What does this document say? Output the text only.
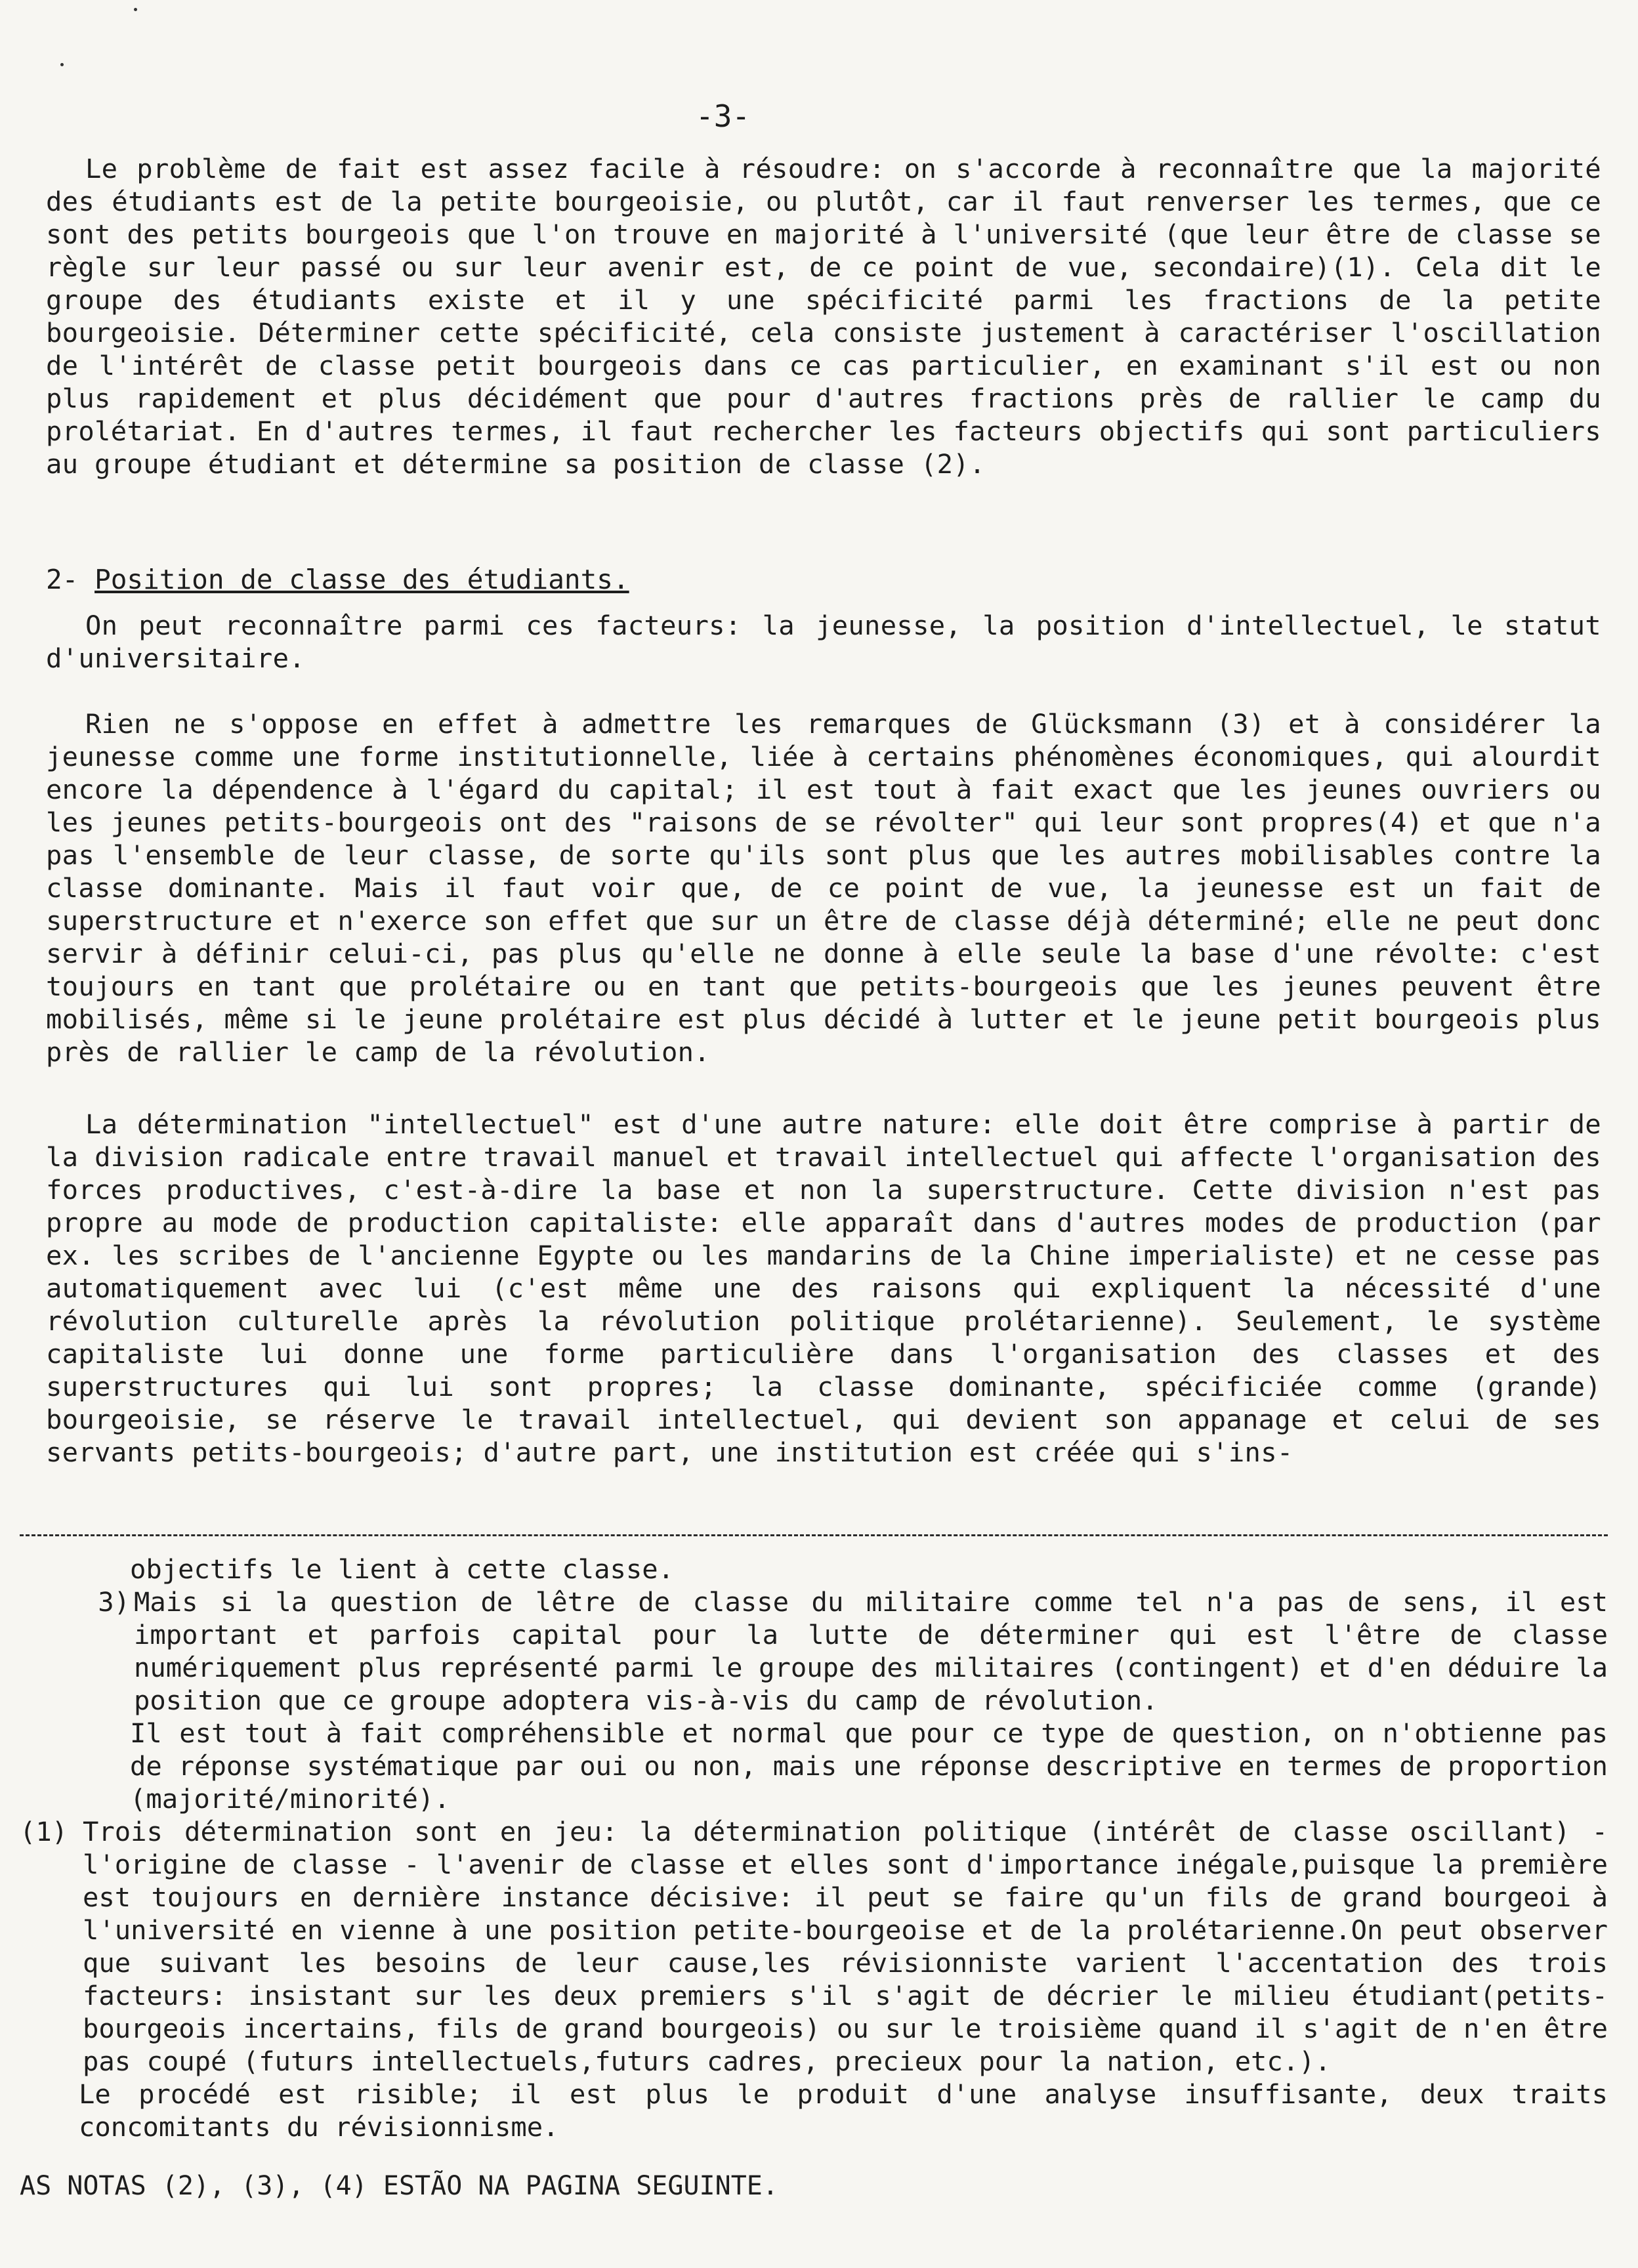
-3-

Le problème de fait est assez facile à résoudre: on s'accorde à reconnaître que la majorité des étudiants est de la petite bourgeoisie, ou plutôt, car il faut renverser les termes, que ce sont des petits bourgeois que l'on trouve en majorité à l'université (que leur être de classe se règle sur leur passé ou sur leur avenir est, de ce point de vue, secondaire)(1). Cela dit le groupe des étudiants existe et il y une spécificité parmi les fractions de la petite bourgeoisie. Déterminer cette spécificité, cela consiste justement à caractériser l'oscillation de l'intérêt de classe petit bourgeois dans ce cas particulier, en examinant s'il est ou non plus rapidement et plus décidément que pour d'autres fractions près de rallier le camp du prolétariat. En d'autres termes, il faut rechercher les facteurs objectifs qui sont particuliers au groupe étudiant et détermine sa position de classe (2).

2- Position de classe des étudiants.

On peut reconnaître parmi ces facteurs: la jeunesse, la position d'intellectuel, le statut d'universitaire.

Rien ne s'oppose en effet à admettre les remarques de Glücksmann (3) et à considérer la jeunesse comme une forme institutionnelle, liée à certains phénomènes économiques, qui alourdit encore la dépendence à l'égard du capital; il est tout à fait exact que les jeunes ouvriers ou les jeunes petits-bourgeois ont des "raisons de se révolter" qui leur sont propres(4) et que n'a pas l'ensemble de leur classe, de sorte qu'ils sont plus que les autres mobilisables contre la classe dominante. Mais il faut voir que, de ce point de vue, la jeunesse est un fait de superstructure et n'exerce son effet que sur un être de classe déjà déterminé; elle ne peut donc servir à définir celui-ci, pas plus qu'elle ne donne à elle seule la base d'une révolte: c'est toujours en tant que prolétaire ou en tant que petits-bourgeois que les jeunes peuvent être mobilisés, même si le jeune prolétaire est plus décidé à lutter et le jeune petit bourgeois plus près de rallier le camp de la révolution.

La détermination "intellectuel" est d'une autre nature: elle doit être comprise à partir de la division radicale entre travail manuel et travail intellectuel qui affecte l'organisation des forces productives, c'est-à-dire la base et non la superstructure. Cette division n'est pas propre au mode de production capitaliste: elle apparaît dans d'autres modes de production (par ex. les scribes de l'ancienne Egypte ou les mandarins de la Chine imperialiste) et ne cesse pas automatiquement avec lui (c'est même une des raisons qui expliquent la nécessité d'une révolution culturelle après la révolution politique prolétarienne). Seulement, le système capitaliste lui donne une forme particulière dans l'organisation des classes et des superstructures qui lui sont propres; la classe dominante, spécificiée comme (grande) bourgeoisie, se réserve le travail intellectuel, qui devient son appanage et celui de ses servants petits-bourgeois; d'autre part, une institution est créée qui s'ins-

objectifs le lient à cette classe.
3) Mais si la question de lêtre de classe du militaire comme tel n'a pas de sens, il est important et parfois capital pour la lutte de déterminer qui est l'être de classe numériquement plus représenté parmi le groupe des militaires (contingent) et d'en déduire la position que ce groupe adoptera vis-à-vis du camp de révolution.
Il est tout à fait compréhensible et normal que pour ce type de question, on n'obtienne pas de réponse systématique par oui ou non, mais une réponse descriptive en termes de proportion (majorité/minorité).
(1) Trois détermination sont en jeu: la détermination politique (intérêt de classe oscillant) - l'origine de classe - l'avenir de classe et elles sont d'importance inégale,puisque la première est toujours en dernière instance décisive: il peut se faire qu'un fils de grand bourgeoi à l'université en vienne à une position petite-bourgeoise et de la prolétarienne.On peut observer que suivant les besoins de leur cause,les révisionniste varient l'accentation des trois facteurs: insistant sur les deux premiers s'il s'agit de décrier le milieu étudiant(petits-bourgeois incertains, fils de grand bourgeois) ou sur le troisième quand il s'agit de n'en être pas coupé (futurs intellectuels,futurs cadres, precieux pour la nation, etc.).
Le procédé est risible; il est plus le produit d'une analyse insuffisante, deux traits concomitants du révisionnisme.
AS NOTAS (2), (3), (4) ESTÃO NA PAGINA SEGUINTE.
